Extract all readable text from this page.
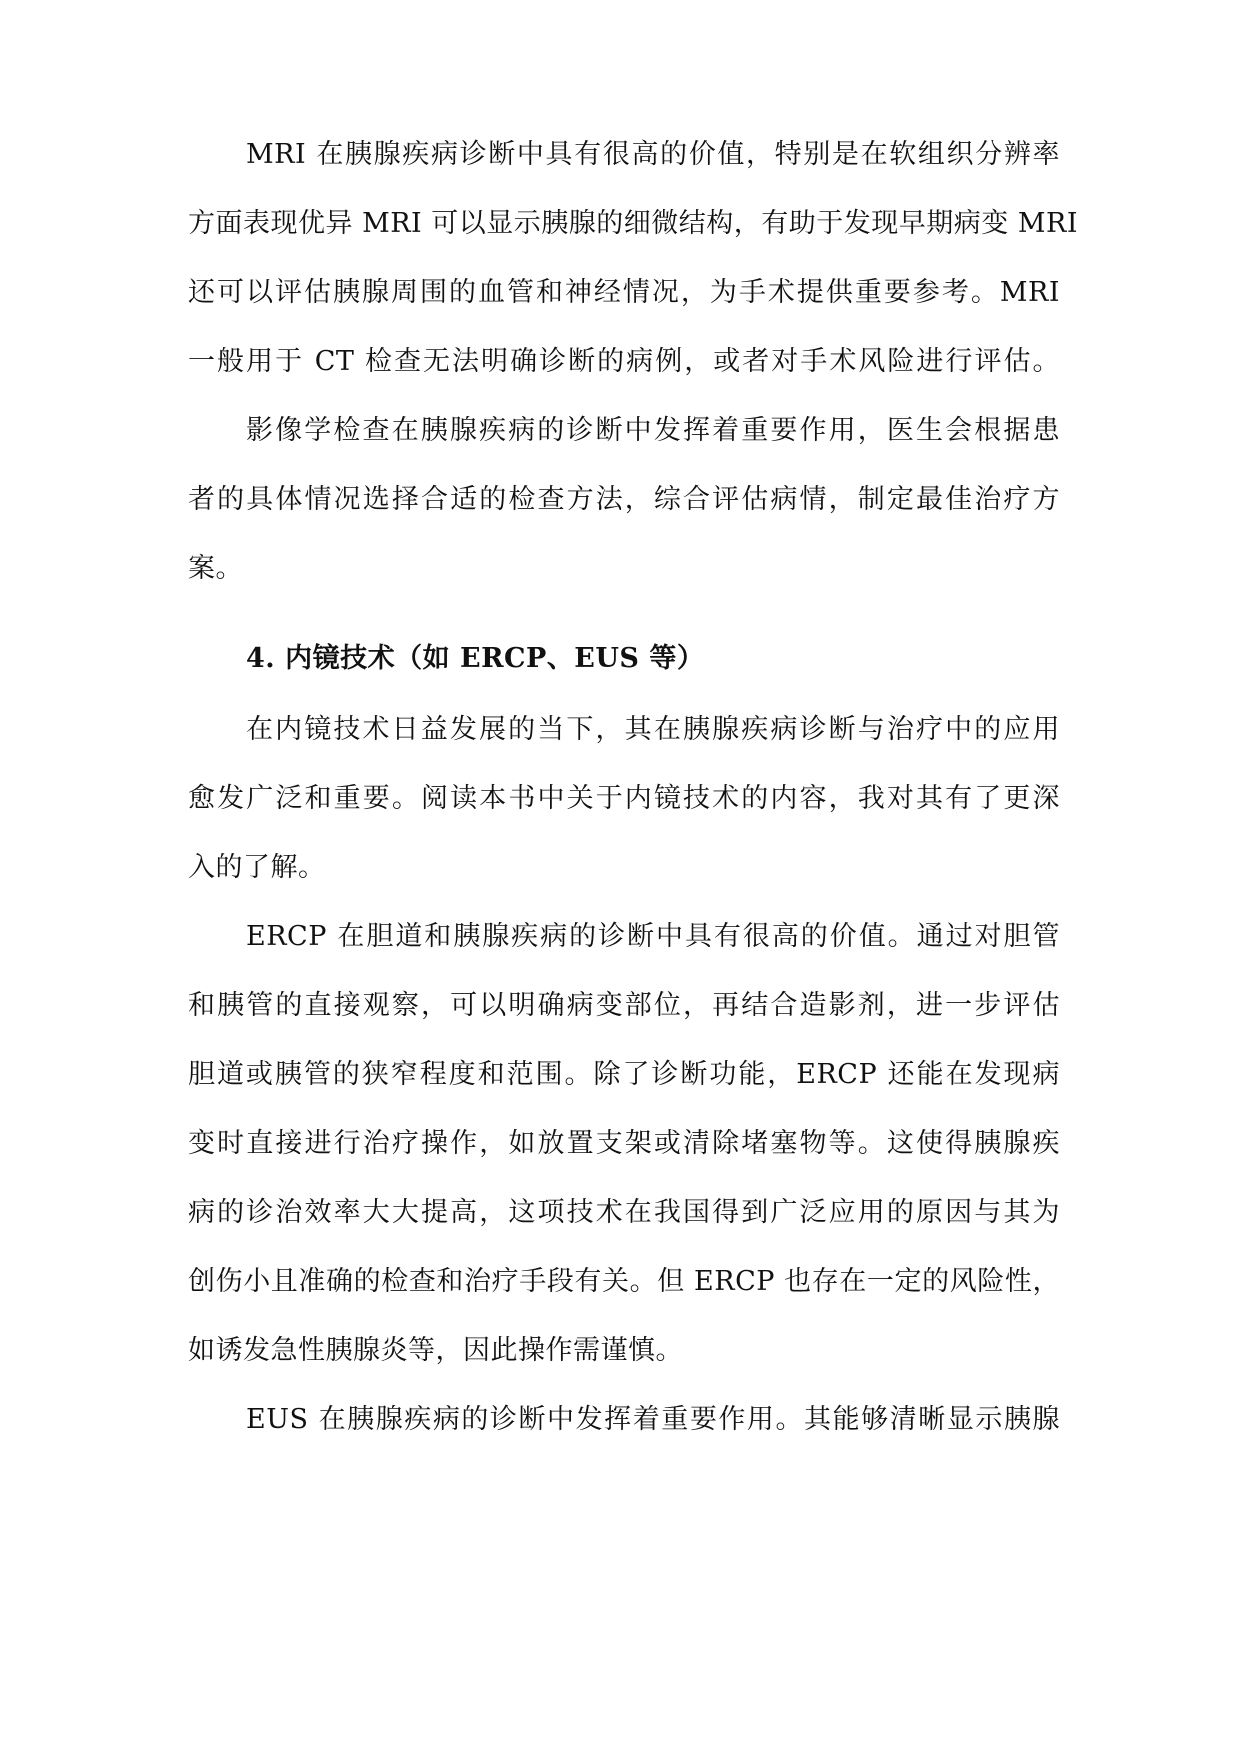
MRI 在胰腺疾病诊断中具有很高的价值，特别是在软组织分辨率
方面表现优异 MRI 可以显示胰腺的细微结构，有助于发现早期病变 MRI
还可以评估胰腺周围的血管和神经情况，为手术提供重要参考。MRI
一般用于 CT 检查无法明确诊断的病例，或者对手术风险进行评估。
影像学检查在胰腺疾病的诊断中发挥着重要作用，医生会根据患
者的具体情况选择合适的检查方法，综合评估病情，制定最佳治疗方
案。
4. 内镜技术（如 ERCP、EUS 等）
在内镜技术日益发展的当下，其在胰腺疾病诊断与治疗中的应用
愈发广泛和重要。阅读本书中关于内镜技术的内容，我对其有了更深
入的了解。
ERCP 在胆道和胰腺疾病的诊断中具有很高的价值。通过对胆管
和胰管的直接观察，可以明确病变部位，再结合造影剂，进一步评估
胆道或胰管的狭窄程度和范围。除了诊断功能，ERCP 还能在发现病
变时直接进行治疗操作，如放置支架或清除堵塞物等。这使得胰腺疾
病的诊治效率大大提高，这项技术在我国得到广泛应用的原因与其为
创伤小且准确的检查和治疗手段有关。但 ERCP 也存在一定的风险性，
如诱发急性胰腺炎等，因此操作需谨慎。
EUS 在胰腺疾病的诊断中发挥着重要作用。其能够清晰显示胰腺
